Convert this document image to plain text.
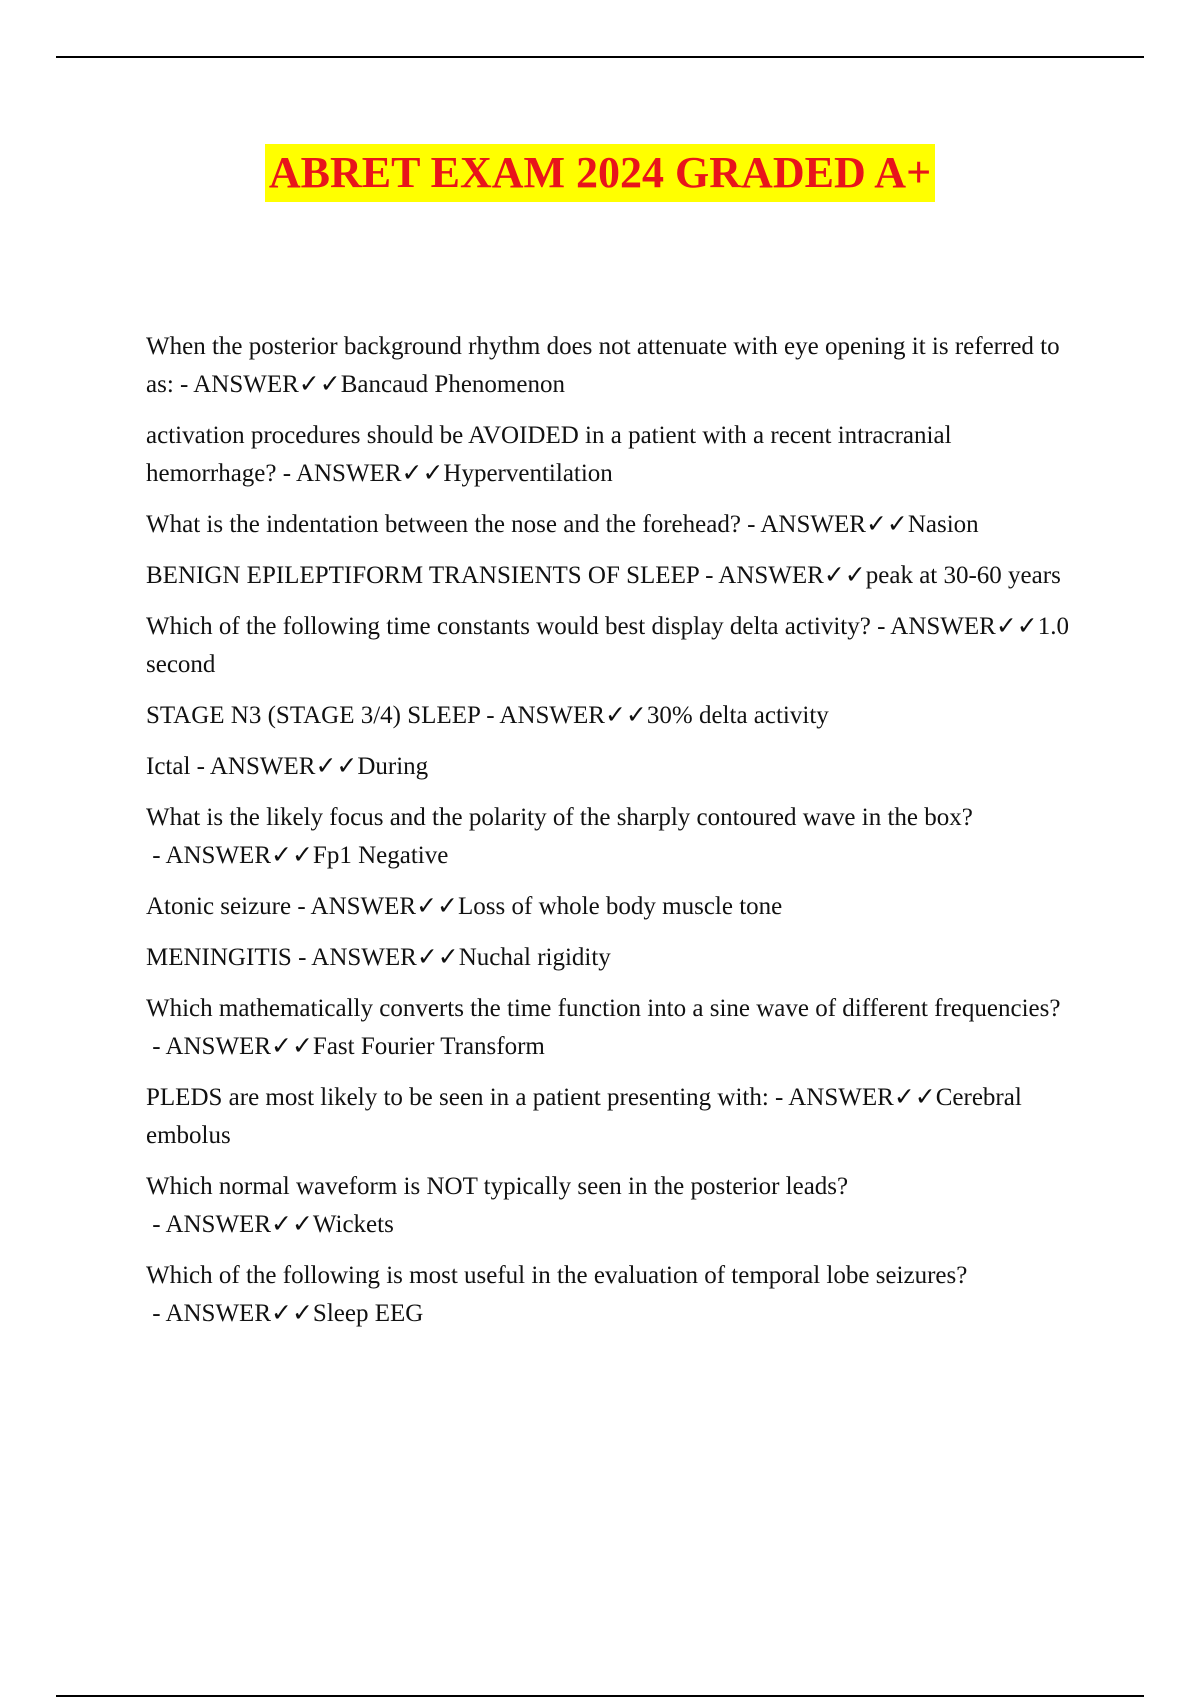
ABRET EXAM 2024 GRADED A+

When the posterior background rhythm does not attenuate with eye opening it is referred to as: - ANSWER✓✓Bancaud Phenomenon

activation procedures should be AVOIDED in a patient with a recent intracranial hemorrhage? - ANSWER✓✓Hyperventilation

What is the indentation between the nose and the forehead? - ANSWER✓✓Nasion

BENIGN EPILEPTIFORM TRANSIENTS OF SLEEP - ANSWER✓✓peak at 30-60 years

Which of the following time constants would best display delta activity? - ANSWER✓✓1.0 second

STAGE N3 (STAGE 3/4) SLEEP - ANSWER✓✓30% delta activity

Ictal - ANSWER✓✓During

What is the likely focus and the polarity of the sharply contoured wave in the box? - ANSWER✓✓Fp1 Negative

Atonic seizure - ANSWER✓✓Loss of whole body muscle tone

MENINGITIS - ANSWER✓✓Nuchal rigidity

Which mathematically converts the time function into a sine wave of different frequencies? - ANSWER✓✓Fast Fourier Transform

PLEDS are most likely to be seen in a patient presenting with: - ANSWER✓✓Cerebral embolus

Which normal waveform is NOT typically seen in the posterior leads? - ANSWER✓✓Wickets

Which of the following is most useful in the evaluation of temporal lobe seizures? - ANSWER✓✓Sleep EEG
